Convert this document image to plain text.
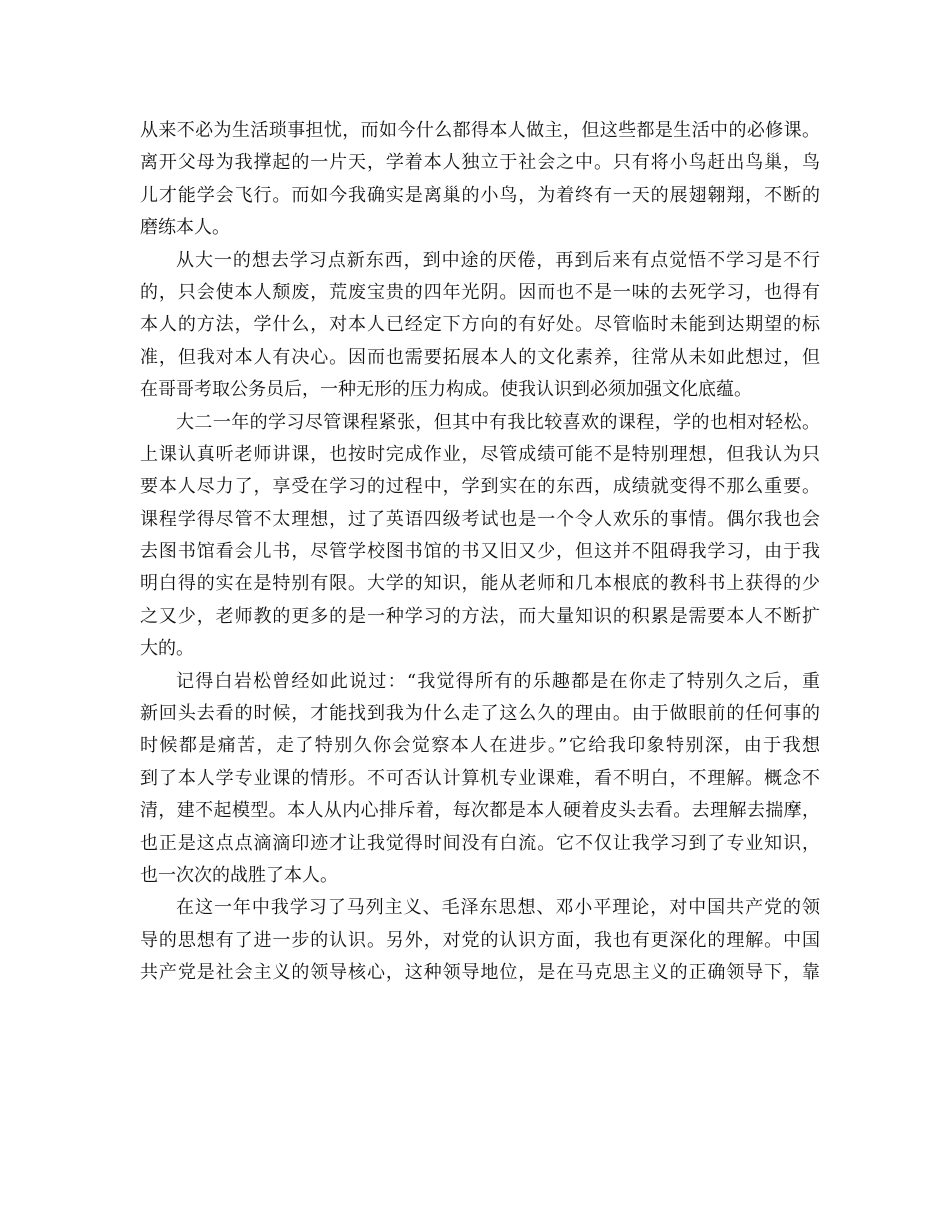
从来不必为生活琐事担忧，而如今什么都得本人做主，但这些都是生活中的必修课。
离开父母为我撑起的一片天，学着本人独立于社会之中。只有将小鸟赶出鸟巢，鸟
儿才能学会飞行。而如今我确实是离巢的小鸟，为着终有一天的展翅翱翔，不断的
磨练本人。
从大一的想去学习点新东西，到中途的厌倦，再到后来有点觉悟不学习是不行
的，只会使本人颓废，荒废宝贵的四年光阴。因而也不是一味的去死学习，也得有
本人的方法，学什么，对本人已经定下方向的有好处。尽管临时未能到达期望的标
准，但我对本人有决心。因而也需要拓展本人的文化素养，往常从未如此想过，但
在哥哥考取公务员后，一种无形的压力构成。使我认识到必须加强文化底蕴。
大二一年的学习尽管课程紧张，但其中有我比较喜欢的课程，学的也相对轻松。
上课认真听老师讲课，也按时完成作业，尽管成绩可能不是特别理想，但我认为只
要本人尽力了，享受在学习的过程中，学到实在的东西，成绩就变得不那么重要。
课程学得尽管不太理想，过了英语四级考试也是一个令人欢乐的事情。偶尔我也会
去图书馆看会儿书，尽管学校图书馆的书又旧又少，但这并不阻碍我学习，由于我
明白得的实在是特别有限。大学的知识，能从老师和几本根底的教科书上获得的少
之又少，老师教的更多的是一种学习的方法，而大量知识的积累是需要本人不断扩
大的。
记得白岩松曾经如此说过：“我觉得所有的乐趣都是在你走了特别久之后，重
新回头去看的时候，才能找到我为什么走了这么久的理由。由于做眼前的任何事的
时候都是痛苦，走了特别久你会觉察本人在进步。”它给我印象特别深，由于我想
到了本人学专业课的情形。不可否认计算机专业课难，看不明白，不理解。概念不
清，建不起模型。本人从内心排斥着，每次都是本人硬着皮头去看。去理解去揣摩，
也正是这点点滴滴印迹才让我觉得时间没有白流。它不仅让我学习到了专业知识，
也一次次的战胜了本人。
在这一年中我学习了马列主义、毛泽东思想、邓小平理论，对中国共产党的领
导的思想有了进一步的认识。另外，对党的认识方面，我也有更深化的理解。中国
共产党是社会主义的领导核心，这种领导地位，是在马克思主义的正确领导下，靠
